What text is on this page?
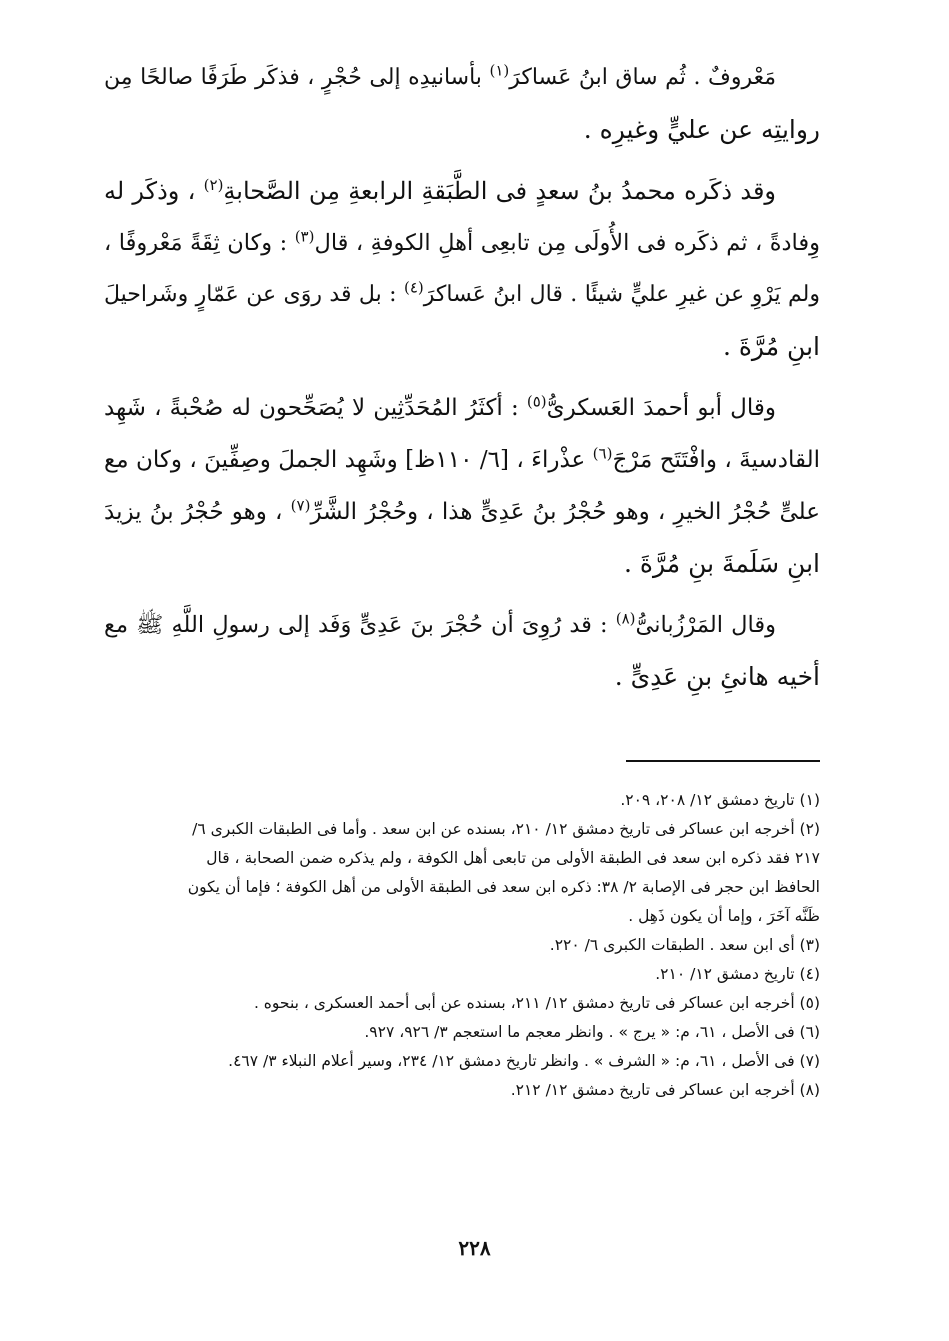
مَعْروفٌ . ثُم ساق ابنُ عَساكرَ$^{(١)}$ بأسانيدِه إلى حُجْرٍ ، فذكَر طَرَفًا صالحًا مِن
روايتِه عن عليٍّ وغيرِه .
وقد ذكَره محمدُ بنُ سعدٍ فى الطَّبَقةِ الرابعةِ مِن الصَّحابةِ$^{(٢)}$ ، وذكَر له
وِفادةً ، ثم ذكَره فى الأُولَى مِن تابعِى أهلِ الكوفةِ ، قال$^{(٣)}$ : وكان ثِقَةً مَعْروفًا ،
ولم يَرْوِ عن غيرِ عليٍّ شيئًا . قال ابنُ عَساكرَ$^{(٤)}$ : بل قد روَى عن عَمّارٍ وشَراحيلَ
ابنِ مُرَّةَ .
وقال أبو أحمدَ العَسكرىُّ$^{(٥)}$ : أكثَرُ المُحَدِّثِين لا يُصَحِّحون له صُحْبةً ، شَهِد
القادسيةَ ، وافْتَتَح مَرْجَ$^{(٦)}$ عذْراءَ ، [٦/ ١١٠ظ] وشَهِد الجملَ وصِفِّينَ ، وكان مع
علىٍّ حُجْرُ الخيرِ ، وهو حُجْرُ بنُ عَدِىٍّ هذا ، وحُجْرُ الشَّرِّ$^{(٧)}$ ، وهو حُجْرُ بنُ يزيدَ
ابنِ سَلَمةَ بنِ مُرَّةَ .
وقال المَرْزُبانىُّ$^{(٨)}$ : قد رُوِىَ أن حُجْرَ بنَ عَدِىٍّ وَفَد إلى رسولِ اللَّهِ ﷺ مع
أخيه هانئِ بنِ عَدِىٍّ .
(١) تاريخ دمشق ١٢/ ٢٠٨، ٢٠٩.
(٢) أخرجه ابن عساكر فى تاريخ دمشق ١٢/ ٢١٠، بسنده عن ابن سعد . وأما فى الطبقات الكبرى ٦/
٢١٧ فقد ذكره ابن سعد فى الطبقة الأولى من تابعى أهل الكوفة ، ولم يذكره ضمن الصحابة ، قال
الحافظ ابن حجر فى الإصابة ٢/ ٣٨: ذكره ابن سعد فى الطبقة الأولى من أهل الكوفة ؛ فإما أن يكون
ظَنَّه آخَرَ ، وإما أن يكون ذَهِل .
(٣) أى ابن سعد . الطبقات الكبرى ٦/ ٢٢٠.
(٤) تاريخ دمشق ١٢/ ٢١٠.
(٥) أخرجه ابن عساكر فى تاريخ دمشق ١٢/ ٢١١، بسنده عن أبى أحمد العسكرى ، بنحوه .
(٦) فى الأصل ، ٦١، م: « يرج » . وانظر معجم ما استعجم ٣/ ٩٢٦، ٩٢٧.
(٧) فى الأصل ، ٦١، م: « الشرف » . وانظر تاريخ دمشق ١٢/ ٢٣٤، وسير أعلام النبلاء ٣/ ٤٦٧.
(٨) أخرجه ابن عساكر فى تاريخ دمشق ١٢/ ٢١٢.
٢٢٨
